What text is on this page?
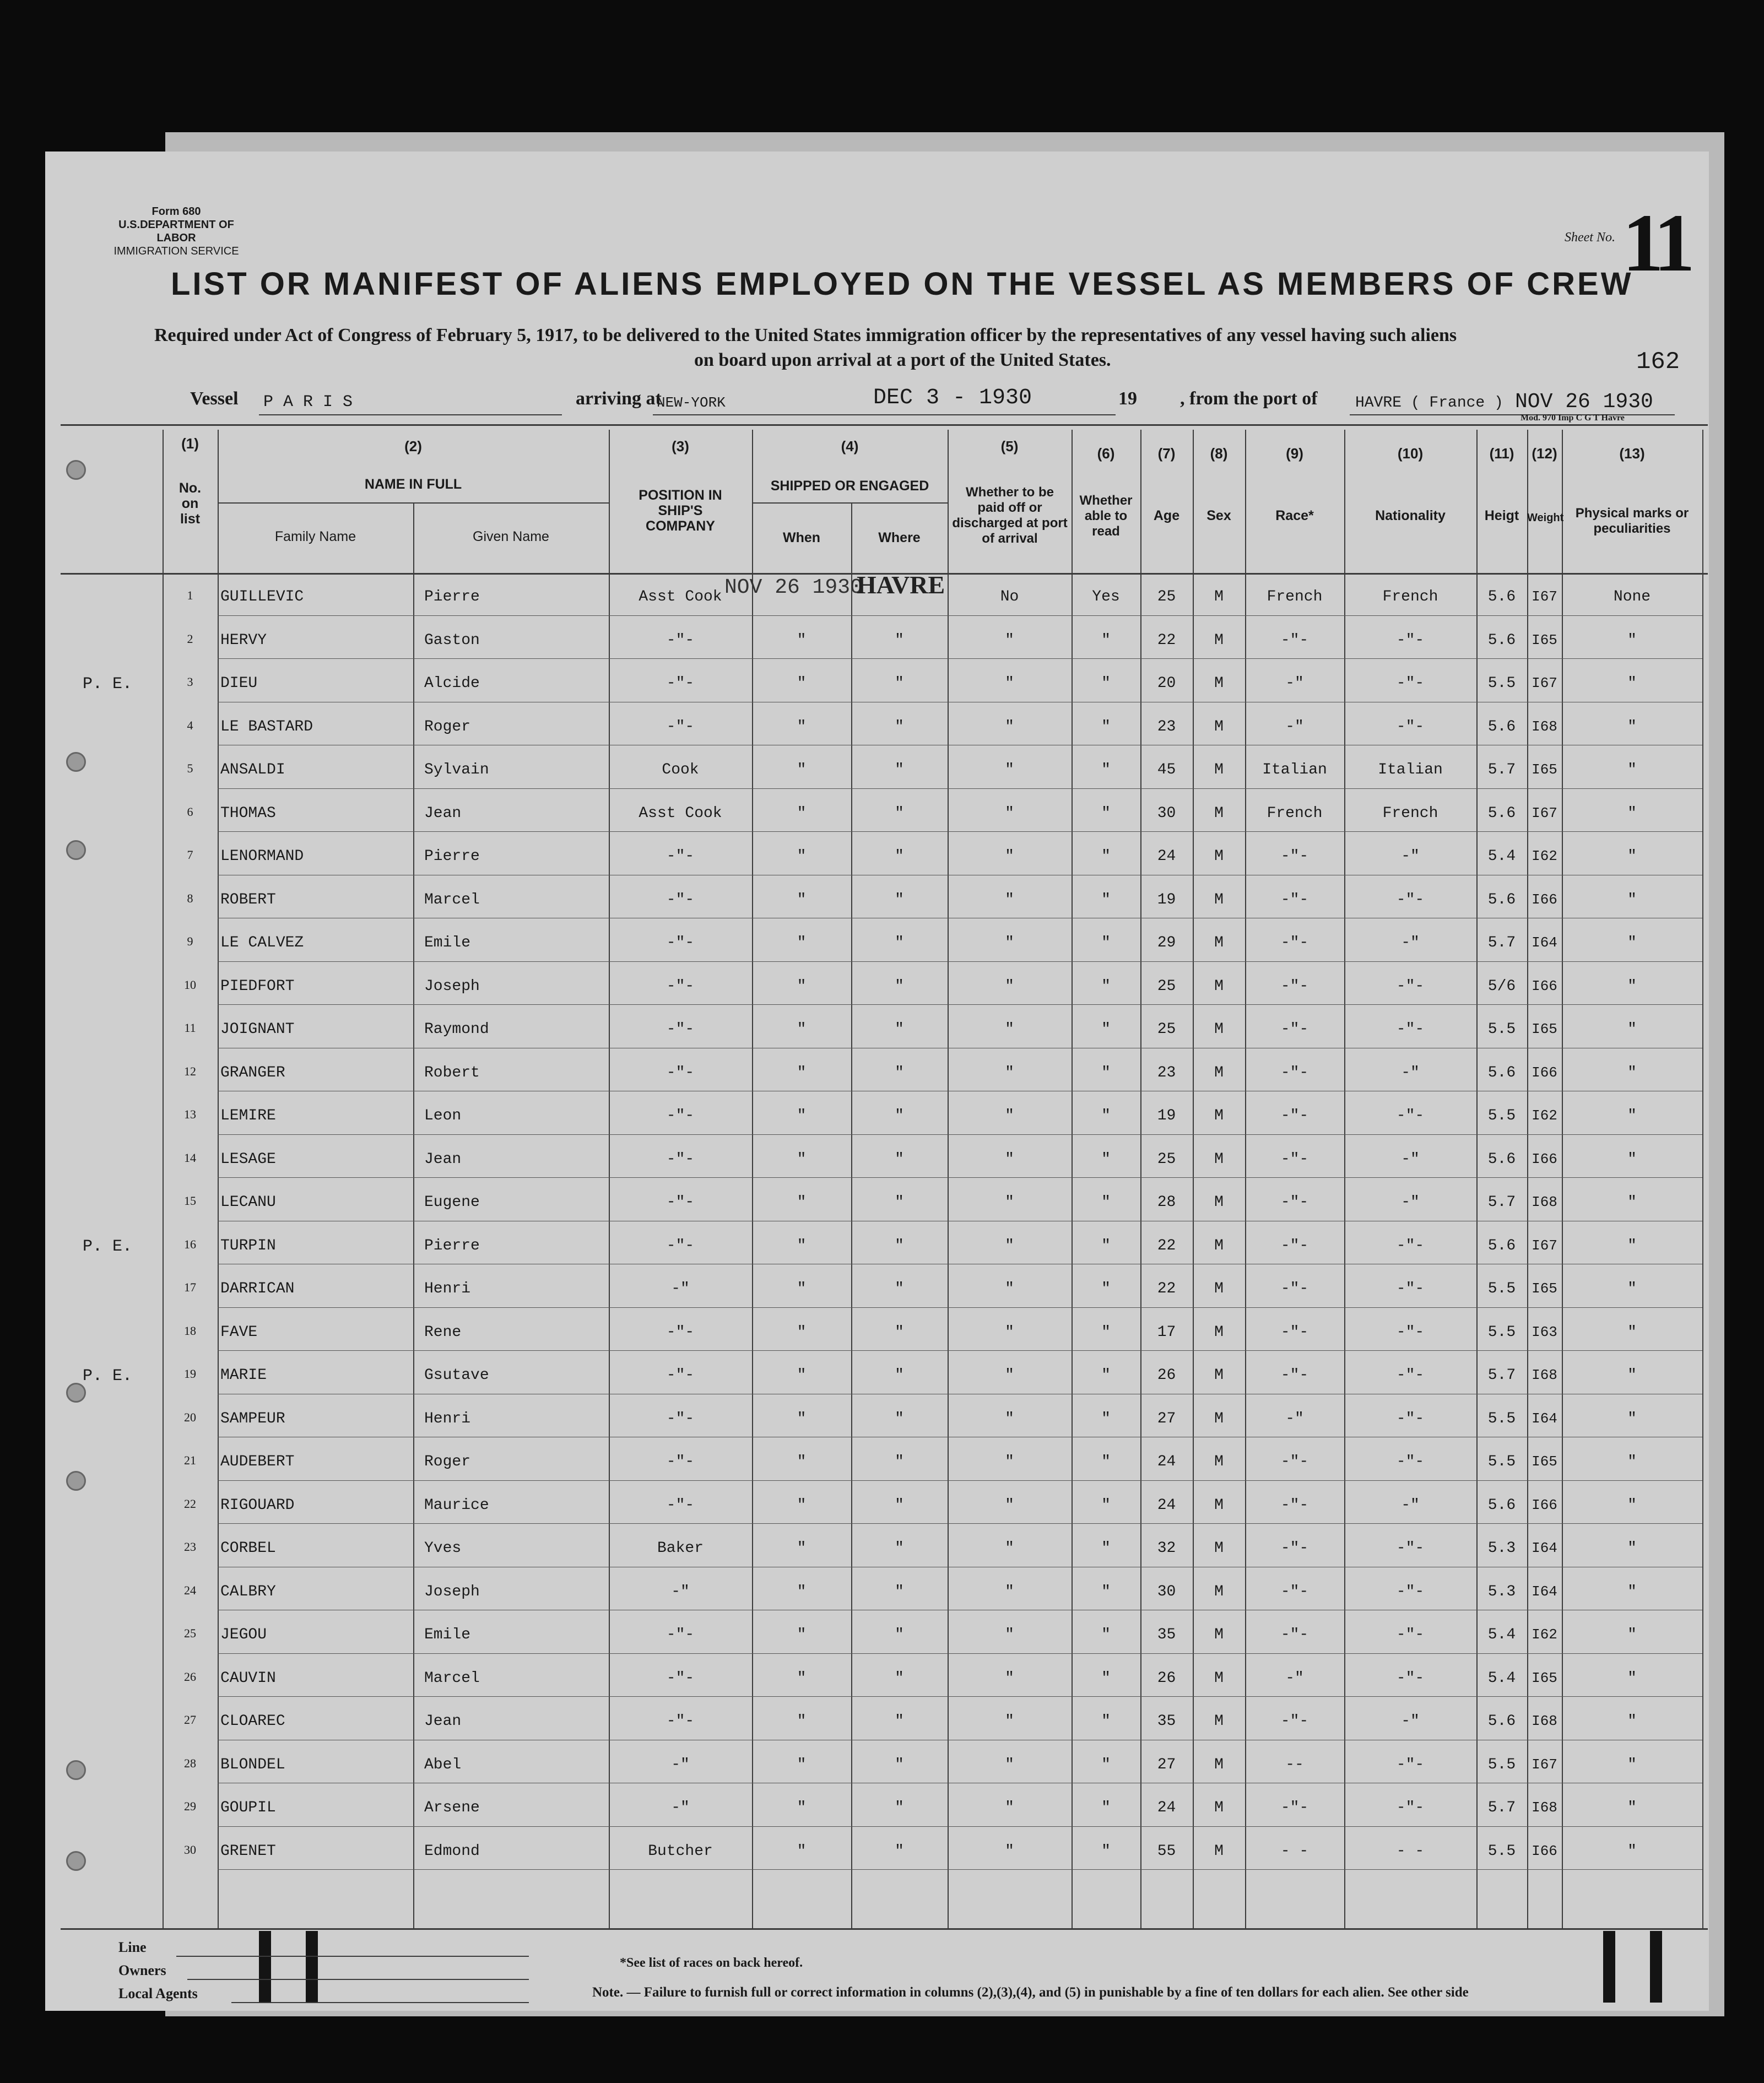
Form 680
U.S.DEPARTMENT OF LABOR
IMMIGRATION SERVICE
Sheet No. 11
LIST OR MANIFEST OF ALIENS EMPLOYED ON THE VESSEL AS MEMBERS OF CREW
Required under Act of Congress of February 5, 1917, to be delivered to the United States immigration officer by the representatives of any vessel having such aliens
on board upon arrival at a port of the United States.	162
Vessel P A R I S	arriving at
NEW-YORK	DEC 3 - 1930	19 , from the port of HAVRE ( France ) NOV 26 1930
Mod. 970 Imp C G T Havre
(1)	(2)	(3)	(4)	(5)	(6)	(7)	(8)	(9)	(10)	(11)	(12)	(13)
No. on list
NAME IN FULL
Family Name	Given Name
POSITION IN SHIP'S COMPANY
SHIPPED OR ENGAGED
When	Where
Whether to be paid off or discharged at port of arrival
Whether able to read
Age	Sex	Race*	Nationality	Heigt Weight Physical marks or peculiarities
NOV 26 1930
HAVRE
1	GUILLEVIC	Pierre	Asst Cook	No	Yes	25	M	French	French	5.6	I67	None
2	HERVY	Gaston	-"-	"	"	"	"	22	M	-"-	-"-	5.6	I65	"
P. E.	3	DIEU	Alcide	-"-	"	"	"	"	20	M	-"	-"-	5.5	I67	"
4	LE BASTARD	Roger	-"-	"	"	"	"	23	M	-"	-"-	5.6	I68	"
5	ANSALDI	Sylvain	Cook	"	"	"	"	45	M	Italian	Italian	5.7	I65	"
6	THOMAS	Jean	Asst Cook	"	"	"	"	30	M	French	French	5.6	I67	"
7	LENORMAND	Pierre	-"-	"	"	"	"	24	M	-"-	-"	5.4	I62	"
8	ROBERT	Marcel	-"-	"	"	"	"	19	M	-"-	-"-	5.6	I66	"
9	LE CALVEZ	Emile	-"-	"	"	"	"	29	M	-"-	-"	5.7	I64	"
10	PIEDFORT	Joseph	-"-	"	"	"	"	25	M	-"-	-"-	5/6	I66	"
11	JOIGNANT	Raymond	-"-	"	"	"	"	25	M	-"-	-"-	5.5	I65	"
12	GRANGER	Robert	-"-	"	"	"	"	23	M	-"-	-"	5.6	I66	"
13	LEMIRE	Leon	-"-	"	"	"	"	19	M	-"-	-"-	5.5	I62	"
14	LESAGE	Jean	-"-	"	"	"	"	25	M	-"-	-"	5.6	I66	"
15	LECANU	Eugene	-"-	"	"	"	"	28	M	-"-	-"	5.7	I68	"
P. E.	16	TURPIN	Pierre	-"-	"	"	"	"	22	M	-"-	-"-	5.6	I67	"
17	DARRICAN	Henri	-"	"	"	"	"	22	M	-"-	-"-	5.5	I65	"
18	FAVE	Rene	-"-	"	"	"	"	17	M	-"-	-"-	5.5	I63	"
P. E.	19	MARIE	Gsutave	-"-	"	"	"	"	26	M	-"-	-"-	5.7	I68	"
20	SAMPEUR	Henri	-"-	"	"	"	"	27	M	-"	-"-	5.5	I64	"
21	AUDEBERT	Roger	-"-	"	"	"	"	24	M	-"-	-"-	5.5	I65	"
22	RIGOUARD	Maurice	-"-	"	"	"	"	24	M	-"-	-"	5.6	I66	"
23	CORBEL	Yves	Baker	"	"	"	"	32	M	-"-	-"-	5.3	I64	"
24	CALBRY	Joseph	-"	"	"	"	"	30	M	-"-	-"-	5.3	I64	"
25	JEGOU	Emile	-"-	"	"	"	"	35	M	-"-	-"-	5.4	I62	"
26	CAUVIN	Marcel	-"-	"	"	"	"	26	M	-"	-"-	5.4	I65	"
27	CLOAREC	Jean	-"-	"	"	"	"	35	M	-"-	-"	5.6	I68	"
28	BLONDEL	Abel	-"	"	"	"	"	27	M	--	-"-	5.5	I67	"
29	GOUPIL	Arsene	-"	"	"	"	"	24	M	-"-	-"-	5.7	I68	"
30	GRENET	Edmond	Butcher	"	"	"	"	55	M	- -	- -	5.5	I66	"
Line
Owners
Local Agents
*See list of races on back hereof.
Note. — Failure to furnish full or correct information in columns (2),(3),(4), and (5) in punishable by a fine of ten dollars for each alien. See other side
